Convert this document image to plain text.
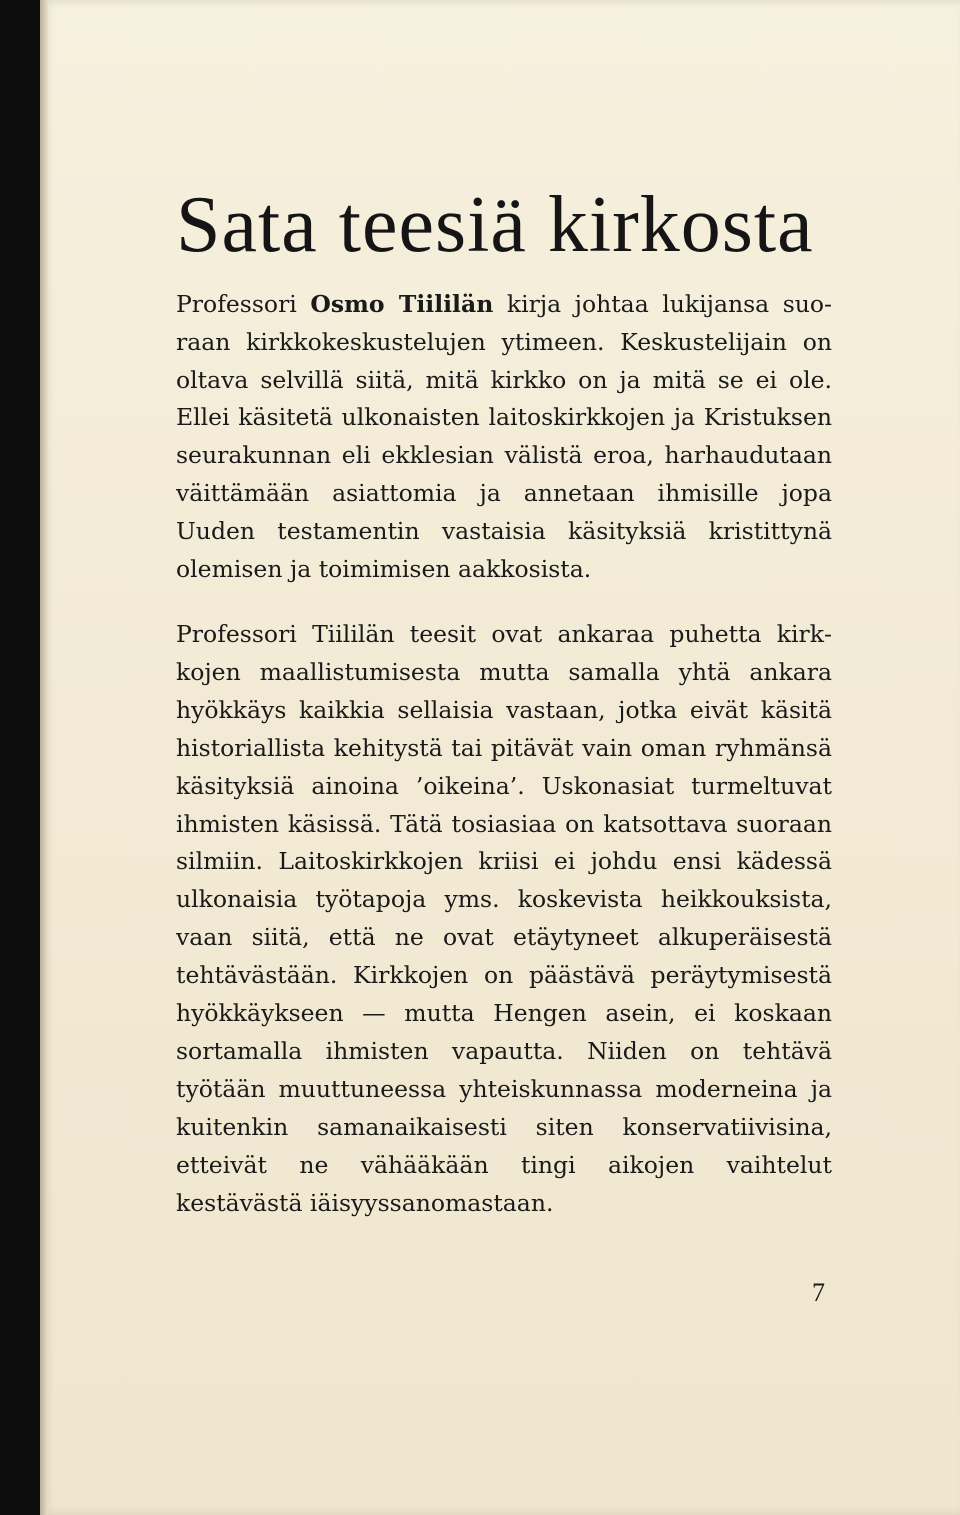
Sata teesiä kirkosta

Professori Osmo Tiililän kirja johtaa lukijansa suoraan kirkkokeskustelujen ytimeen. Keskustelijain on oltava selvillä siitä, mitä kirkko on ja mitä se ei ole. Ellei käsitetä ulkonaisten laitoskirkkojen ja Kristuksen seurakunnan eli ekklesian välistä eroa, harhaudutaan väittämään asiattomia ja annetaan ihmisille jopa Uuden testamentin vastaisia käsityksiä kristittynä olemisen ja toimimisen aakkosista.

Professori Tiililän teesit ovat ankaraa puhetta kirkkojen maallistumisesta mutta samalla yhtä ankara hyökkäys kaikkia sellaisia vastaan, jotka eivät käsitä historiallista kehitystä tai pitävät vain oman ryhmänsä käsityksiä ainoina ’oikeina’. Uskonasiat turmeltuvat ihmisten käsissä. Tätä tosiasiaa on katsottava suoraan silmiin. Laitoskirkkojen kriisi ei johdu ensi kädessä ulkonaisia työtapoja yms. koskevista heikkouksista, vaan siitä, että ne ovat etäytyneet alkuperäisestä tehtävästään. Kirkkojen on päästävä peräytymisestä hyökkäykseen — mutta Hengen asein, ei koskaan sortamalla ihmisten vapautta. Niiden on tehtävä työtään muuttuneessa yhteiskunnassa moderneina ja kuitenkin samanaikaisesti siten konservatiivisina, etteivät ne vähääkään tingi aikojen vaihtelut kestävästä iäisyyssanomastaan.

7
